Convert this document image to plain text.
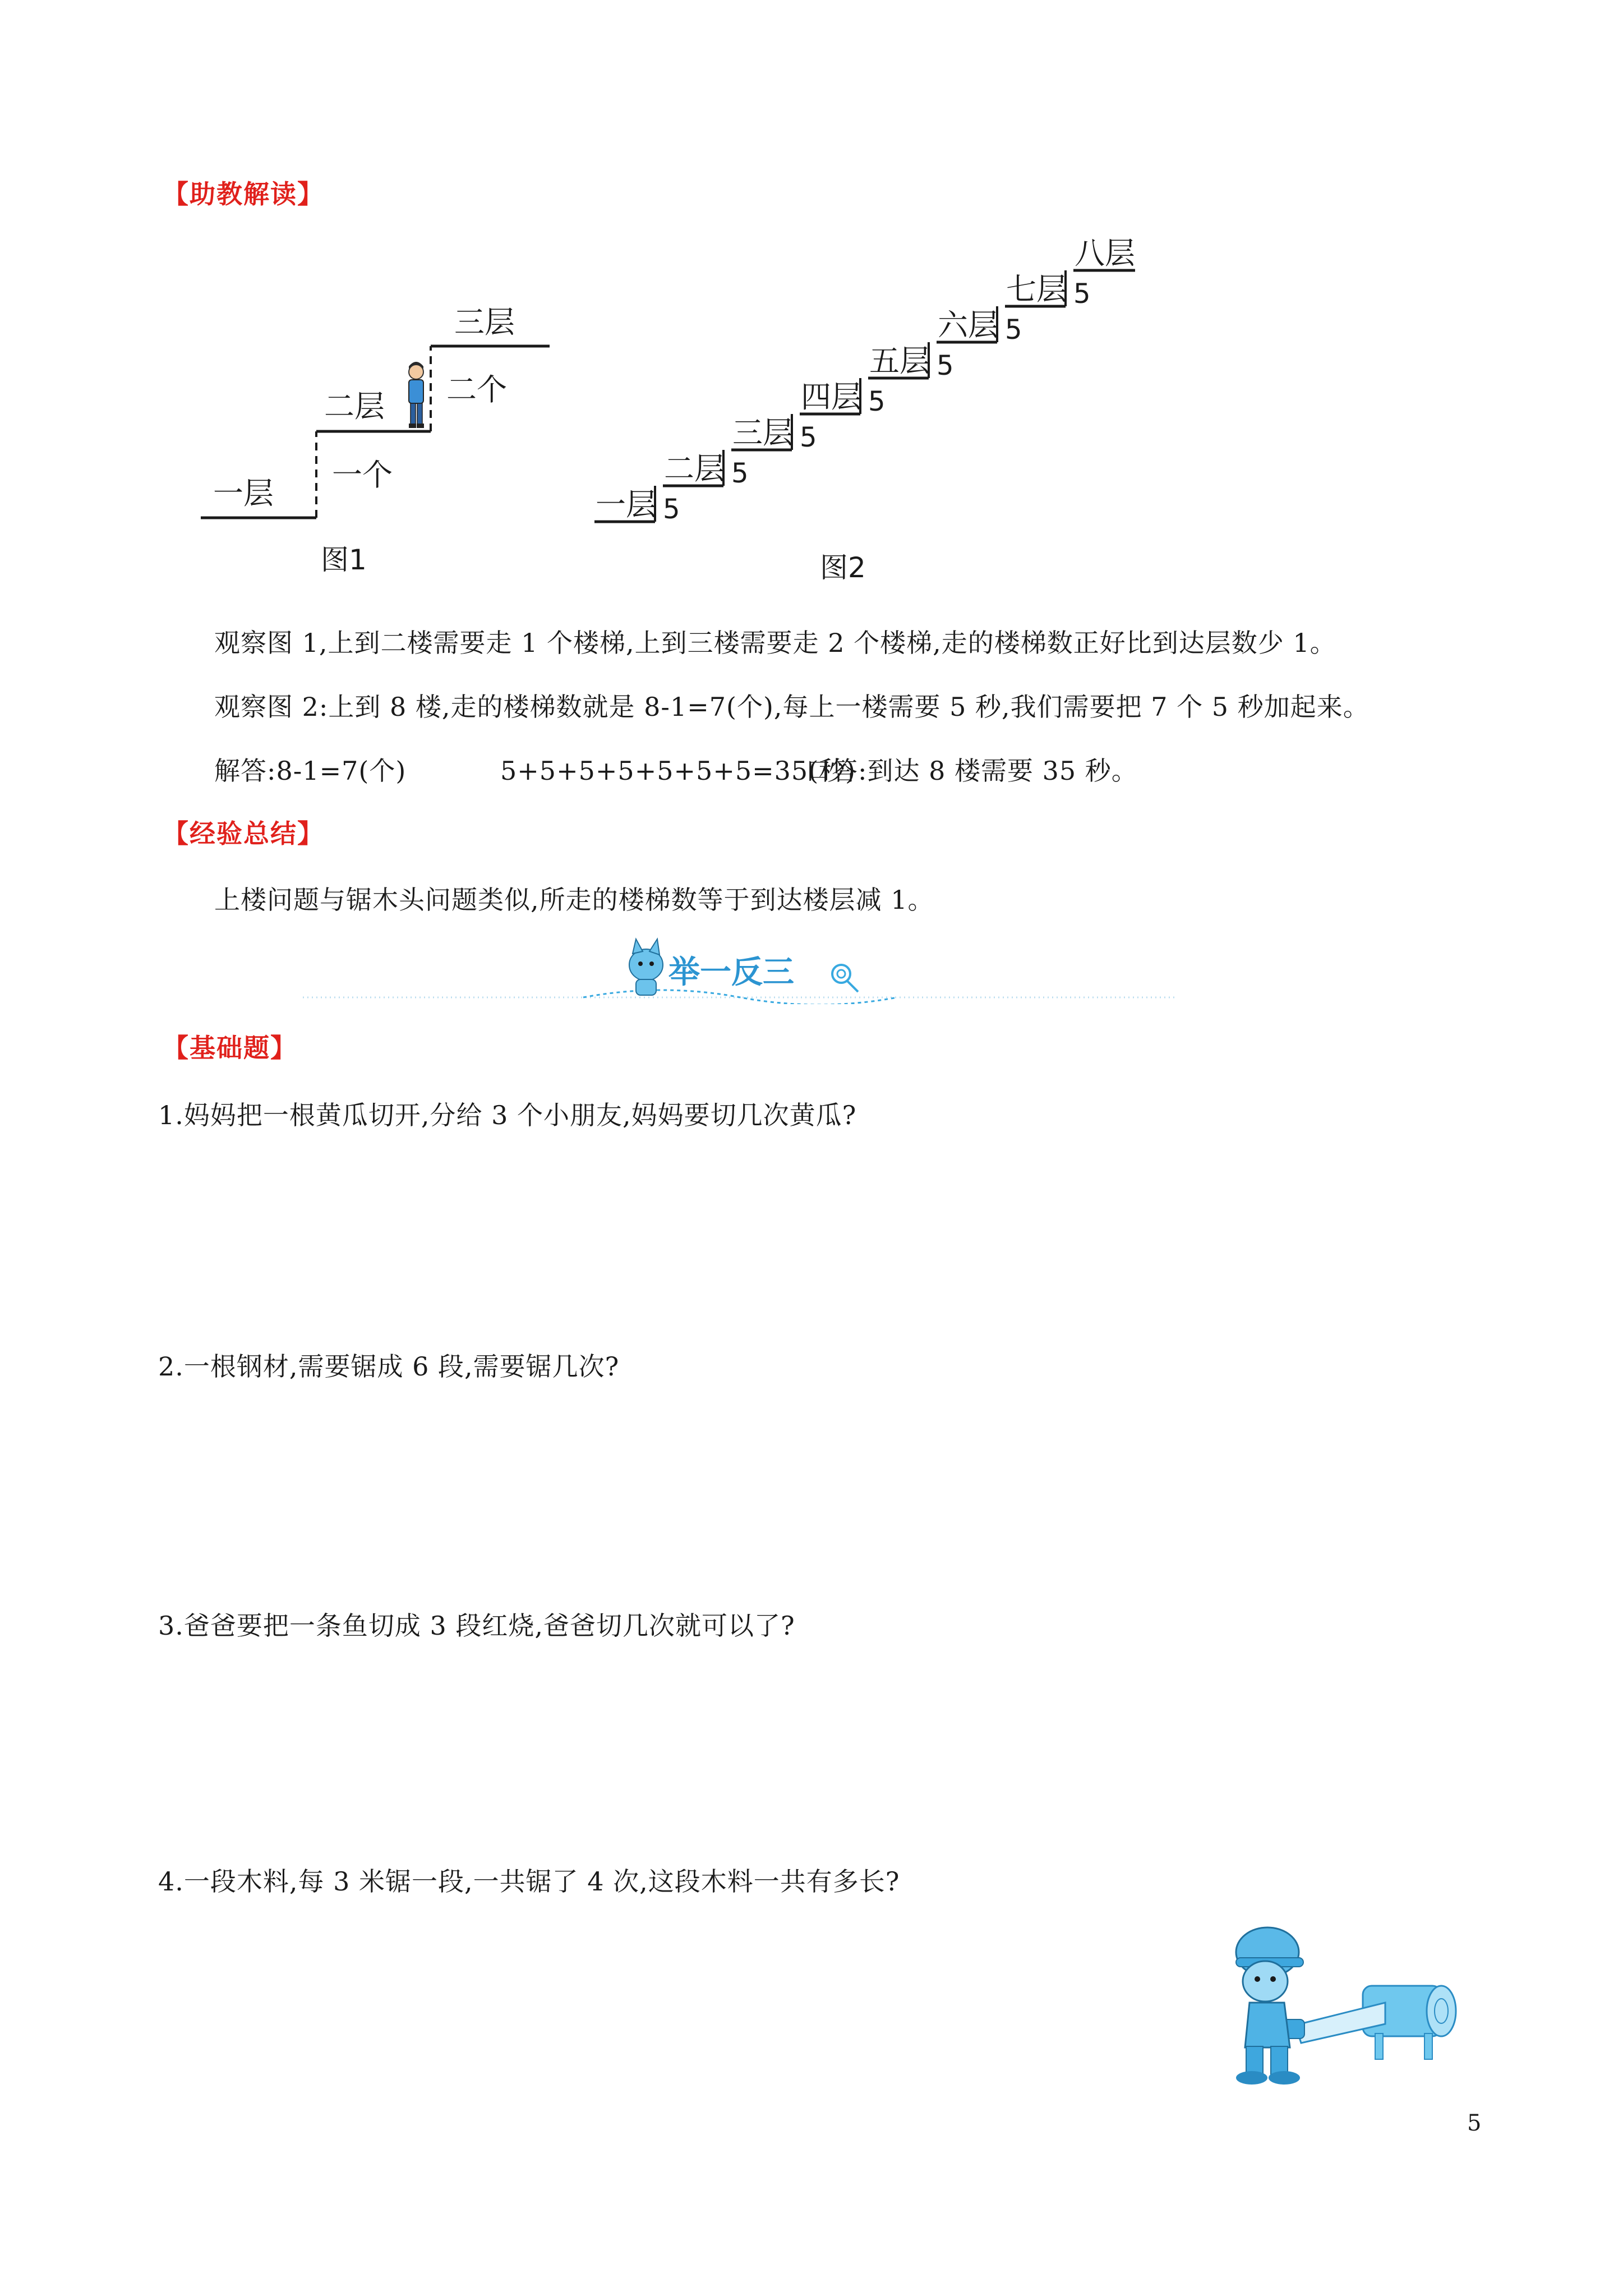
【助教解读】
一层
二层
三层
一个
二个
图1
一层 5
二层 5
三层 5
四层 5
五层 5
六层 5
七层 5
八层
图2
观察图 1,上到二楼需要走 1 个楼梯,上到三楼需要走 2 个楼梯,走的楼梯数正好比到达层数少 1。
观察图 2:上到 8 楼,走的楼梯数就是 8-1=7(个),每上一楼需要 5 秒,我们需要把 7 个 5 秒加起来。
解答:8-1=7(个)	5+5+5+5+5+5+5=35(秒)
口答:到达 8 楼需要 35 秒。
【经验总结】
上楼问题与锯木头问题类似,所走的楼梯数等于到达楼层减 1。
举一反三
【基础题】
1.妈妈把一根黄瓜切开,分给 3 个小朋友,妈妈要切几次黄瓜?
2.一根钢材,需要锯成 6 段,需要锯几次?
3.爸爸要把一条鱼切成 3 段红烧,爸爸切几次就可以了?
4.一段木料,每 3 米锯一段,一共锯了 4 次,这段木料一共有多长?
5
